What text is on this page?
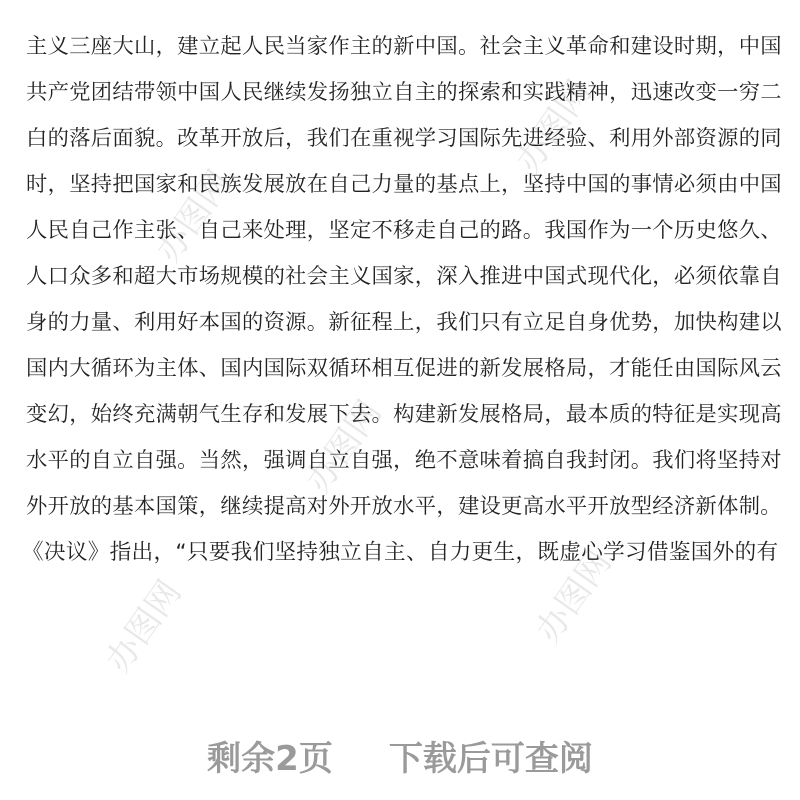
办图网
办图网
办图网
办图网	办图网
主义三座大山，建立起人民当家作主的新中国。社会主义革命和建设时期，中国
共产党团结带领中国人民继续发扬独立自主的探索和实践精神，迅速改变一穷二
白的落后面貌。改革开放后，我们在重视学习国际先进经验、利用外部资源的同
时，坚持把国家和民族发展放在自己力量的基点上，坚持中国的事情必须由中国
人民自己作主张、自己来处理，坚定不移走自己的路。我国作为一个历史悠久、
人口众多和超大市场规模的社会主义国家，深入推进中国式现代化，必须依靠自
身的力量、利用好本国的资源。新征程上，我们只有立足自身优势，加快构建以
国内大循环为主体、国内国际双循环相互促进的新发展格局，才能任由国际风云
变幻，始终充满朝气生存和发展下去。构建新发展格局，最本质的特征是实现高
水平的自立自强。当然，强调自立自强，绝不意味着搞自我封闭。我们将坚持对
外开放的基本国策，继续提高对外开放水平，建设更高水平开放型经济新体制。
《决议》指出，“只要我们坚持独立自主、自力更生，既虚心学习借鉴国外的有
剩余2页 下载后可查阅
